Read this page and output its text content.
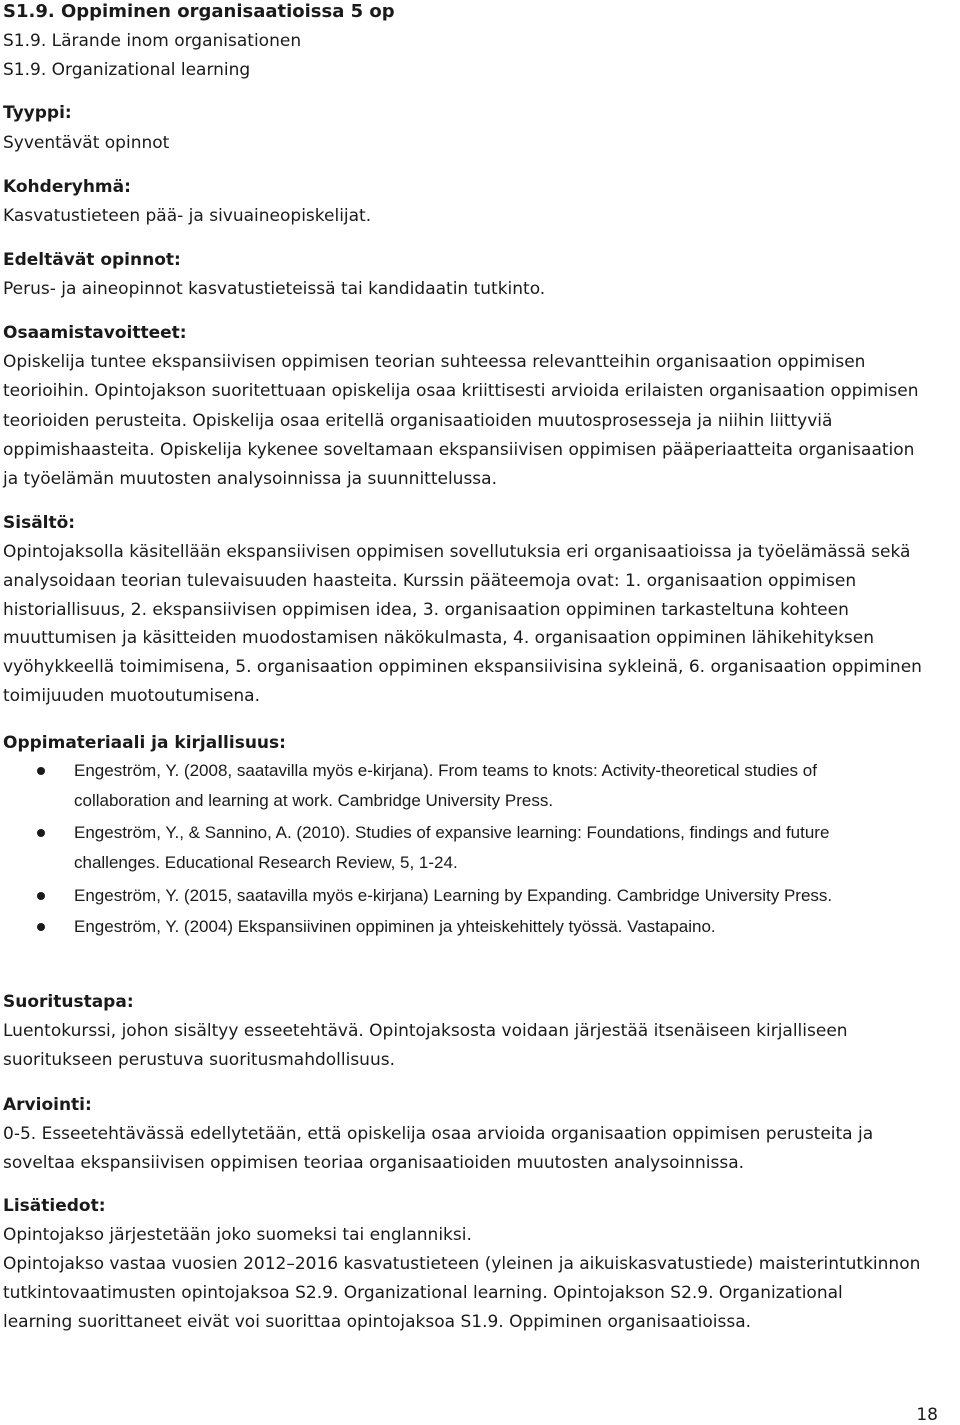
S1.9. Oppiminen organisaatioissa 5 op
S1.9. Lärande inom organisationen
S1.9. Organizational learning
Tyyppi:
Syventävät opinnot
Kohderyhmä:
Kasvatustieteen pää- ja sivuaineopiskelijat.
Edeltävät opinnot:
Perus- ja aineopinnot kasvatustieteissä tai kandidaatin tutkinto.
Osaamistavoitteet:
Opiskelija tuntee ekspansiivisen oppimisen teorian suhteessa relevantteihin organisaation oppimisen
teorioihin. Opintojakson suoritettuaan opiskelija osaa kriittisesti arvioida erilaisten organisaation oppimisen
teorioiden perusteita. Opiskelija osaa eritellä organisaatioiden muutosprosesseja ja niihin liittyviä
oppimishaasteita. Opiskelija kykenee soveltamaan ekspansiivisen oppimisen pääperiaatteita organisaation
ja työelämän muutosten analysoinnissa ja suunnittelussa.
Sisältö:
Opintojaksolla käsitellään ekspansiivisen oppimisen sovellutuksia eri organisaatioissa ja työelämässä sekä
analysoidaan teorian tulevaisuuden haasteita. Kurssin pääteemoja ovat: 1. organisaation oppimisen
historiallisuus, 2. ekspansiivisen oppimisen idea, 3. organisaation oppiminen tarkasteltuna kohteen
muuttumisen ja käsitteiden muodostamisen näkökulmasta, 4. organisaation oppiminen lähikehityksen
vyöhykkeellä toimimisena, 5. organisaation oppiminen ekspansiivisina sykleinä, 6. organisaation oppiminen
toimijuuden muotoutumisena.
Oppimateriaali ja kirjallisuus:
Engeström, Y. (2008, saatavilla myös e-kirjana). From teams to knots: Activity-theoretical studies of
collaboration and learning at work. Cambridge University Press.
Engeström, Y., & Sannino, A. (2010). Studies of expansive learning: Foundations, findings and future
challenges. Educational Research Review, 5, 1-24.
Engeström, Y. (2015, saatavilla myös e-kirjana) Learning by Expanding. Cambridge University Press.
Engeström, Y. (2004) Ekspansiivinen oppiminen ja yhteiskehittely työssä. Vastapaino.
Suoritustapa:
Luentokurssi, johon sisältyy esseetehtävä. Opintojaksosta voidaan järjestää itsenäiseen kirjalliseen
suoritukseen perustuva suoritusmahdollisuus.
Arviointi:
0-5. Esseetehtävässä edellytetään, että opiskelija osaa arvioida organisaation oppimisen perusteita ja
soveltaa ekspansiivisen oppimisen teoriaa organisaatioiden muutosten analysoinnissa.
Lisätiedot:
Opintojakso järjestetään joko suomeksi tai englanniksi.
Opintojakso vastaa vuosien 2012–2016 kasvatustieteen (yleinen ja aikuiskasvatustiede) maisterintutkinnon
tutkintovaatimusten opintojaksoa S2.9. Organizational learning. Opintojakson S2.9. Organizational
learning suorittaneet eivät voi suorittaa opintojaksoa S1.9. Oppiminen organisaatioissa.
18
